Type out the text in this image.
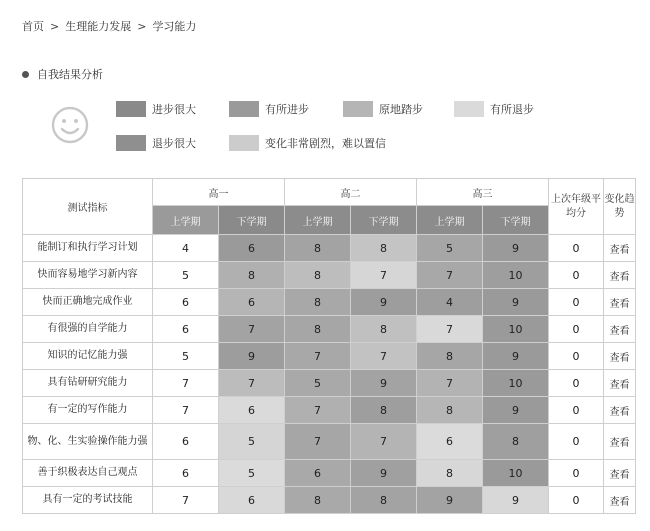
首页 > 生理能力发展 > 学习能力
自我结果分析
进步很大	有所进步	原地踏步	有所退步
退步很大	变化非常剧烈，难以置信
测试指标	高一		高二		高三		上次年级平均分	变化趋势
	上学期	下学期	上学期	下学期	上学期	下学期		
能制订和执行学习计划	4	6	8	8	5	9	0	查看
快而容易地学习新内容	5	8	8	7	7	10	0	查看
快而正确地完成作业	6	6	8	9	4	9	0	查看
有很强的自学能力	6	7	8	8	7	10	0	查看
知识的记忆能力强	5	9	7	7	8	9	0	查看
具有钻研研究能力	7	7	5	9	7	10	0	查看
有一定的写作能力	7	6	7	8	8	9	0	查看
物、化、生实验操作能力强	6	5	7	7	6	8	0	查看
善于织极表达自己观点	6	5	6	9	8	10	0	查看
具有一定的考试技能	7	6	8	8	9	9	0	查看
